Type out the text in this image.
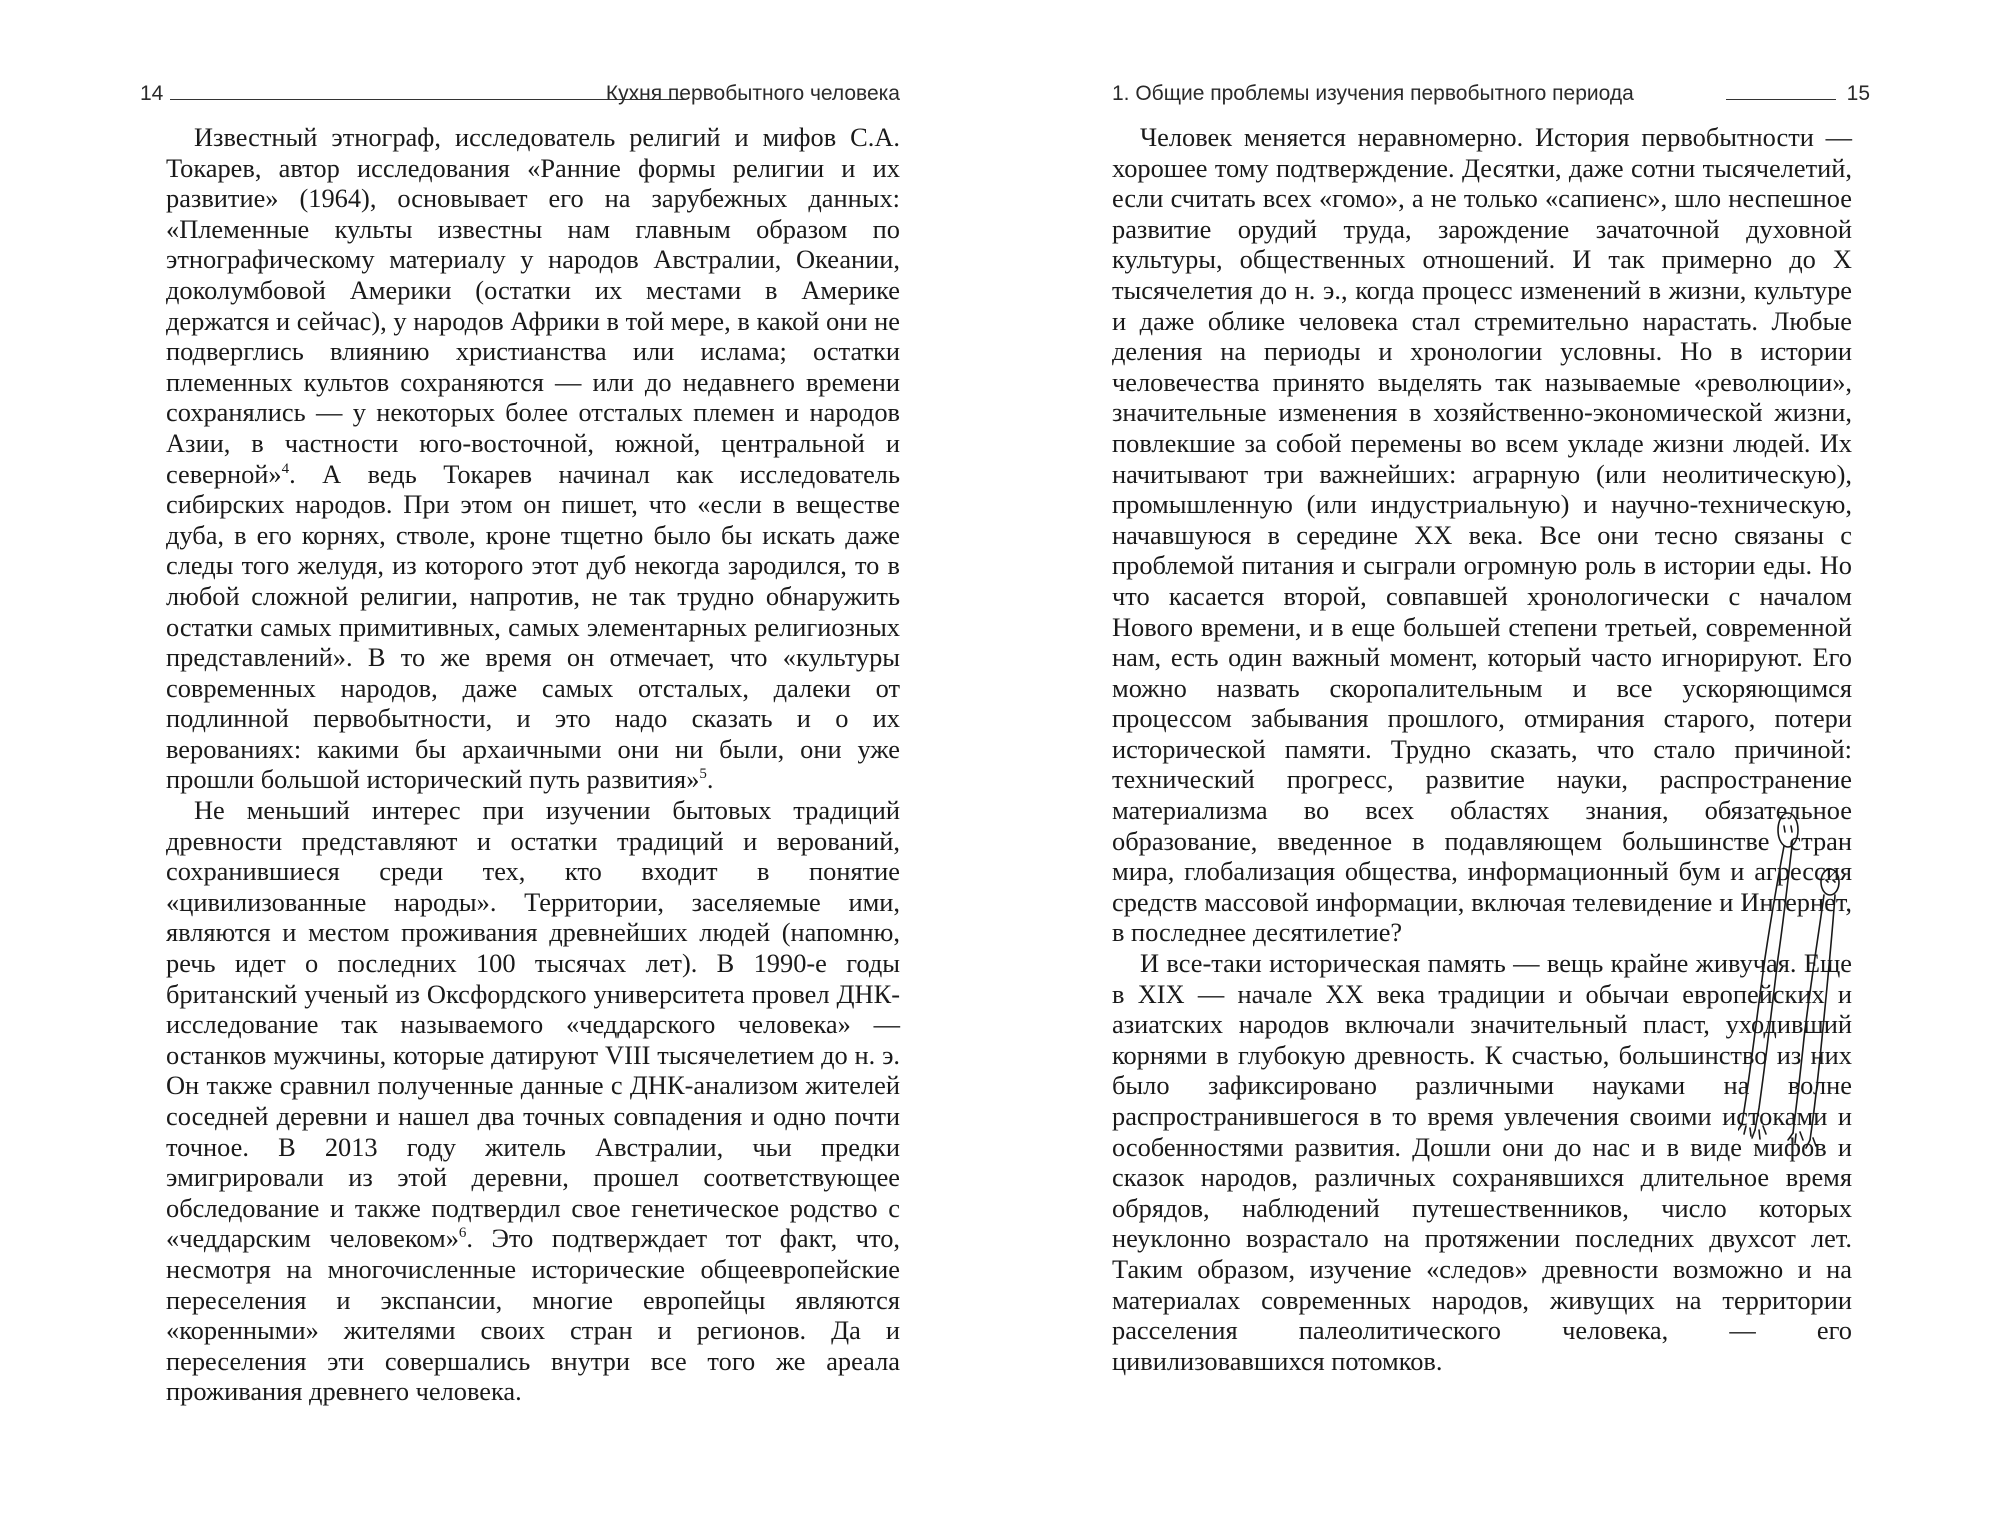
14	Кухня первобытного человека

Известный этнограф, исследователь религий и мифов С.А. Токарев, автор исследования «Ранние формы религии и их развитие» (1964), основывает его на зарубежных данных: «Племенные культы известны нам главным образом по этнографическому материалу у народов Австралии, Океании, доколумбовой Америки (остатки их местами в Америке держатся и сейчас), у народов Африки в той мере, в какой они не подверглись влиянию христианства или ислама; остатки племенных культов сохраняются — или до недавнего времени сохранялись — у некоторых более отсталых племен и народов Азии, в частности юго-восточной, южной, центральной и северной»$^4$. А ведь Токарев начинал как исследователь сибирских народов. При этом он пишет, что «если в веществе дуба, в его корнях, стволе, кроне тщетно было бы искать даже следы того желудя, из которого этот дуб некогда зародился, то в любой сложной религии, напротив, не так трудно обнаружить остатки самых примитивных, самых элементарных религиозных представлений». В то же время он отмечает, что «культуры современных народов, даже самых отсталых, далеки от подлинной первобытности, и это надо сказать и о их верованиях: какими бы архаичными они ни были, они уже прошли большой исторический путь развития»$^5$.

Не меньший интерес при изучении бытовых традиций древности представляют и остатки традиций и верований, сохранившиеся среди тех, кто входит в понятие «цивилизованные народы». Территории, заселяемые ими, являются и местом проживания древнейших людей (напомню, речь идет о последних 100 тысячах лет). В 1990-е годы британский ученый из Оксфордского университета провел ДНК-исследование так называемого «чеддарского человека» — останков мужчины, которые датируют VIII тысячелетием до н. э. Он также сравнил полученные данные с ДНК-анализом жителей соседней деревни и нашел два точных совпадения и одно почти точное. В 2013 году житель Австралии, чьи предки эмигрировали из этой деревни, прошел соответствующее обследование и также подтвердил свое генетическое родство с «чеддарским человеком»$^6$. Это подтверждает тот факт, что, несмотря на многочисленные исторические общеевропейские переселения и экспансии, многие европейцы являются «коренными» жителями своих стран и регионов. Да и переселения эти совершались внутри все того же ареала проживания древнего человека.

1. Общие проблемы изучения первобытного периода	15

Человек меняется неравномерно. История первобытности — хорошее тому подтверждение. Десятки, даже сотни тысячелетий, если считать всех «гомо», а не только «сапиенс», шло неспешное развитие орудий труда, зарождение зачаточной духовной культуры, общественных отношений. И так примерно до X тысячелетия до н. э., когда процесс изменений в жизни, культуре и даже облике человека стал стремительно нарастать. Любые деления на периоды и хронологии условны. Но в истории человечества принято выделять так называемые «революции», значительные изменения в хозяйственно-экономической жизни, повлекшие за собой перемены во всем укладе жизни людей. Их начитывают три важнейших: аграрную (или неолитическую), промышленную (или индустриальную) и научно-техническую, начавшуюся в середине XX века. Все они тесно связаны с проблемой питания и сыграли огромную роль в истории еды. Но что касается второй, совпавшей хронологически с началом Нового времени, и в еще большей степени третьей, современной нам, есть один важный момент, который часто игнорируют. Его можно назвать скоропалительным и все ускоряющимся процессом забывания прошлого, отмирания старого, потери исторической памяти. Трудно сказать, что стало причиной: технический прогресс, развитие науки, распространение материализма во всех областях знания, обязательное образование, введенное в подавляющем большинстве стран мира, глобализация общества, информационный бум и агрессия средств массовой информации, включая телевидение и Интернет, в последнее десятилетие?

И все-таки историческая память — вещь крайне живучая. Еще в XIX — начале XX века традиции и обычаи европейских и азиатских народов включали значительный пласт, уходивший корнями в глубокую древность. К счастью, большинство из них было зафиксировано различными науками на волне распространившегося в то время увлечения своими истоками и особенностями развития. Дошли они до нас и в виде мифов и сказок народов, различных сохранявшихся длительное время обрядов, наблюдений путешественников, число которых неуклонно возрастало на протяжении последних двухсот лет. Таким образом, изучение «следов» древности возможно и на материалах современных народов, живущих на территории расселения палеолитического человека, — его цивилизовавшихся потомков.
